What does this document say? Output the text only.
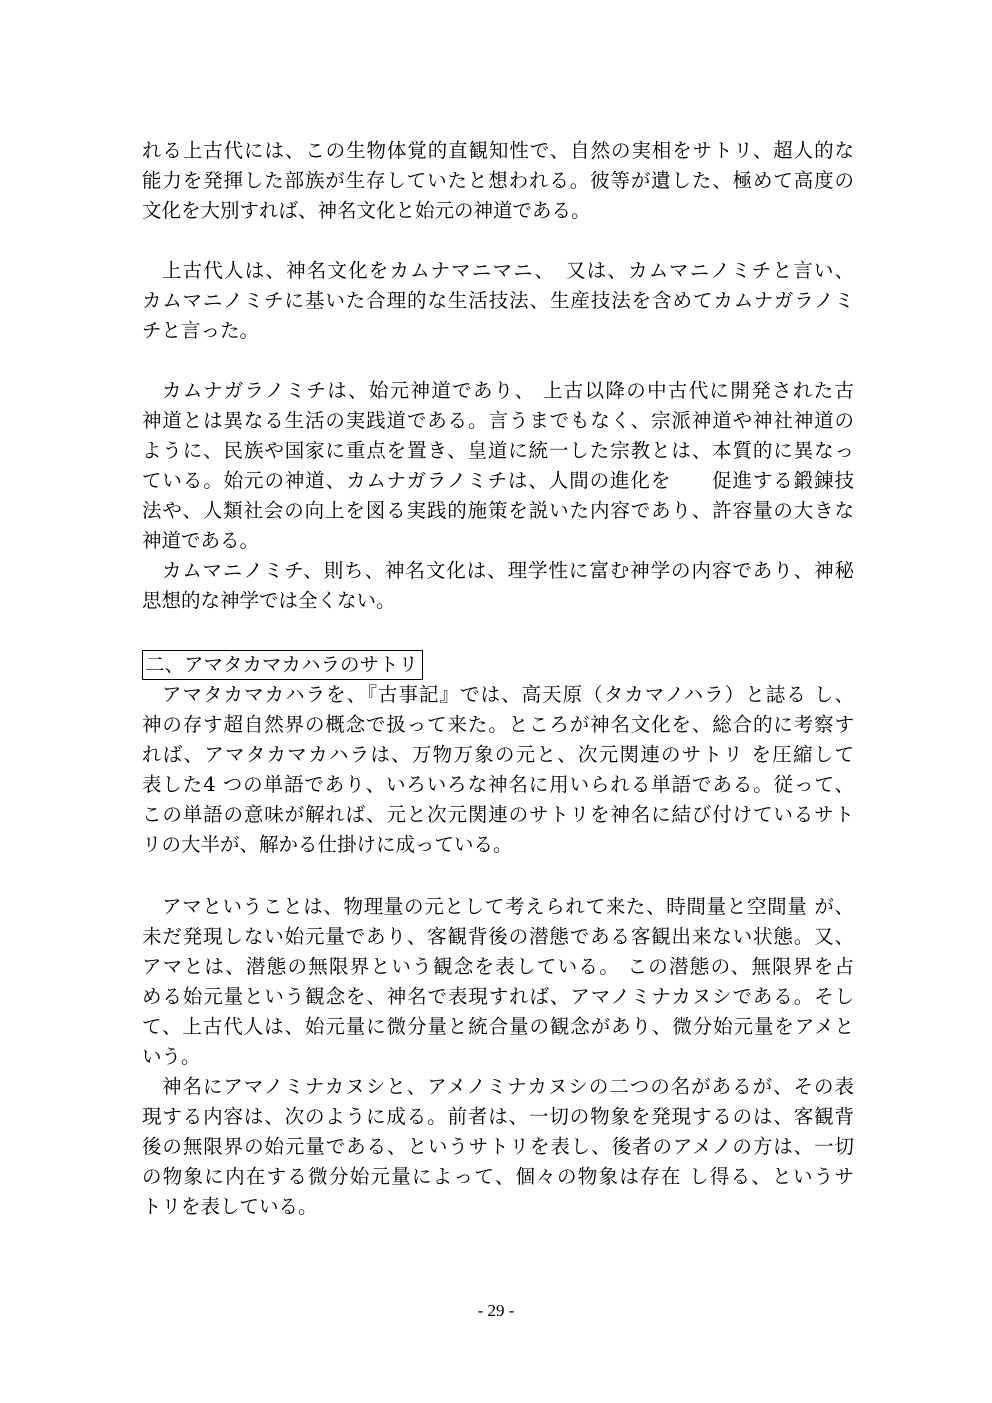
れる上古代には、この生物体覚的直観知性で、自然の実相をサトリ、超人的な
能力を発揮した部族が生存していたと想われる。彼等が遺した、極めて高度の
文化を大別すれば、神名文化と始元の神道である。
上古代人は、神名文化をカムナマニマニ、　又は、カムマニノミチと言い、
カムマニノミチに基いた合理的な生活技法、生産技法を含めてカムナガラノミ
チと言った。
カムナガラノミチは、始元神道であり、 上古以降の中古代に開発された古
神道とは異なる生活の実践道である。言うまでもなく、宗派神道や神社神道の
ように、民族や国家に重点を置き、皇道に統一した宗教とは、本質的に異なっ
ている。始元の神道、カムナガラノミチは、人間の進化を　　促進する鍛錬技
法や、人類社会の向上を図る実践的施策を説いた内容であり、許容量の大きな
神道である。
カムマニノミチ、則ち、神名文化は、理学性に富む神学の内容であり、神秘
思想的な神学では全くない。
二、アマタカマカハラのサトリ
アマタカマカハラを、『古事記』では、高天原（タカマノハラ）と誌る し、
神の存す超自然界の概念で扱って来た。ところが神名文化を、総合的に考察す
れば、アマタカマカハラは、万物万象の元と、次元関連のサトリ を圧縮して
表した4 つの単語であり、いろいろな神名に用いられる単語である。従って、
この単語の意味が解れば、元と次元関連のサトリを神名に結び付けているサト
リの大半が、解かる仕掛けに成っている。
アマということは、物理量の元として考えられて来た、時間量と空間量 が、
未だ発現しない始元量であり、客観背後の潜態である客観出来ない状態。又、
アマとは、潜態の無限界という観念を表している。 この潜態の、無限界を占
める始元量という観念を、神名で表現すれば、アマノミナカヌシである。そし
て、上古代人は、始元量に微分量と統合量の観念があり、微分始元量をアメと
いう。
神名にアマノミナカヌシと、アメノミナカヌシの二つの名があるが、その表
現する内容は、次のように成る。前者は、一切の物象を発現するのは、客観背
後の無限界の始元量である、というサトリを表し、後者のアメノの方は、一切
の物象に内在する微分始元量によって、個々の物象は存在 し得る、というサ
トリを表している。
- 29 -
